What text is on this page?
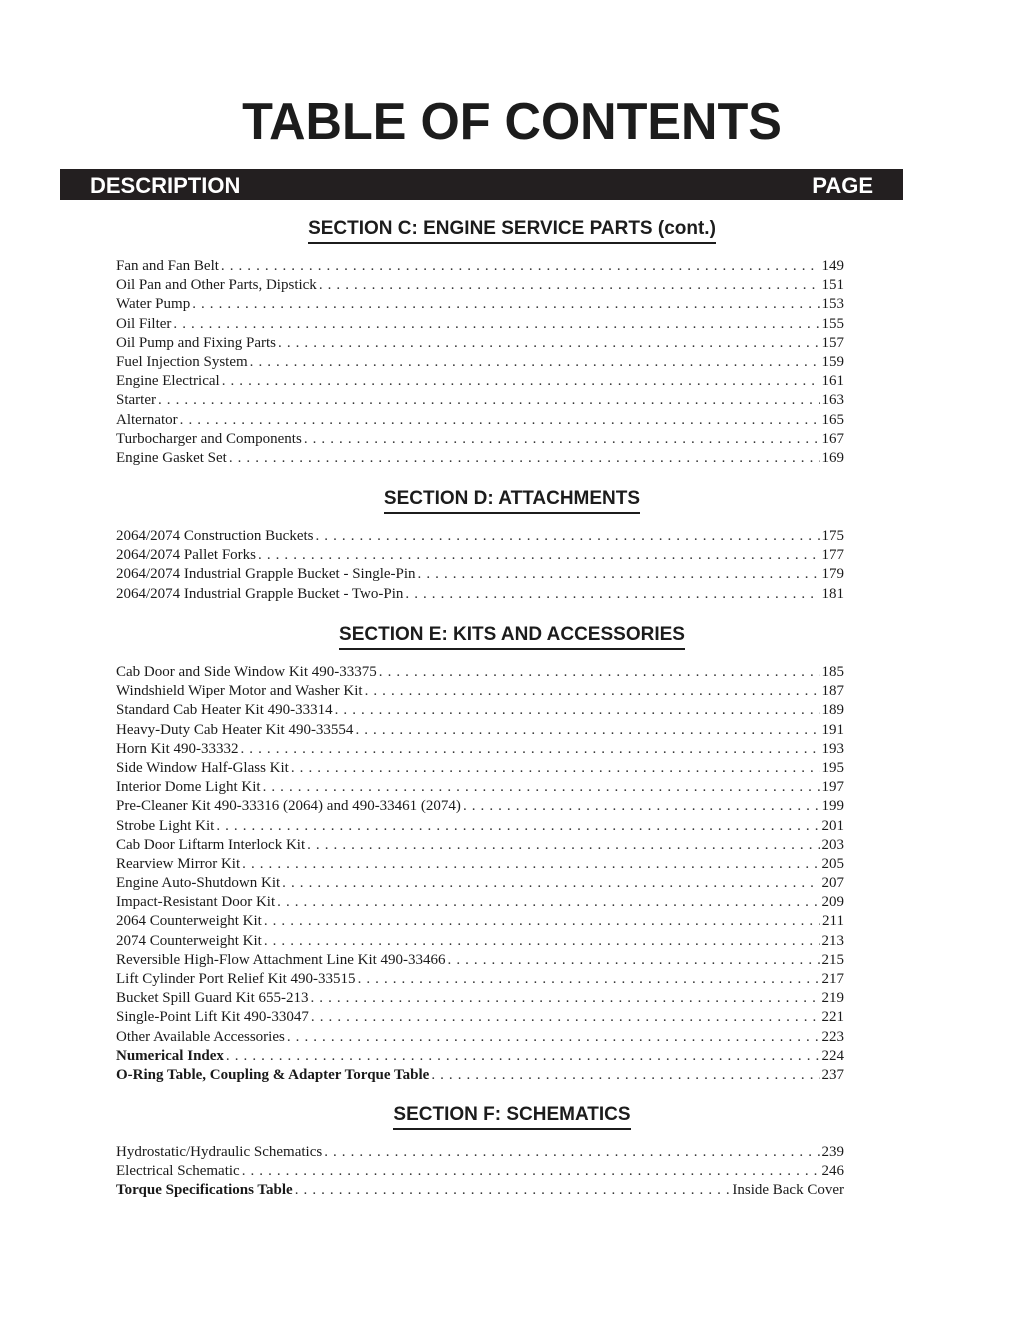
TABLE OF CONTENTS
DESCRIPTION	PAGE
SECTION C: ENGINE SERVICE PARTS (cont.)
Fan and Fan Belt . . .	149
Oil Pan and Other Parts, Dipstick . . .	151
Water Pump . . .	153
Oil Filter . . .	155
Oil Pump and Fixing Parts . . .	157
Fuel Injection System . . .	159
Engine Electrical . . .	161
Starter . . .	163
Alternator . . .	165
Turbocharger and Components . . .	167
Engine Gasket Set . . .	169
SECTION D: ATTACHMENTS
2064/2074 Construction Buckets . . .	175
2064/2074 Pallet Forks . . .	177
2064/2074 Industrial Grapple Bucket - Single-Pin . . .	179
2064/2074 Industrial Grapple Bucket - Two-Pin . . .	181
SECTION E: KITS AND ACCESSORIES
Cab Door and Side Window Kit 490-33375 . . .	185
Windshield Wiper Motor and Washer Kit . . .	187
Standard Cab Heater Kit 490-33314 . . .	189
Heavy-Duty Cab Heater Kit 490-33554 . . .	191
Horn Kit 490-33332 . . .	193
Side Window Half-Glass Kit . . .	195
Interior Dome Light Kit . . .	197
Pre-Cleaner Kit 490-33316 (2064) and 490-33461 (2074) . . .	199
Strobe Light Kit . . .	201
Cab Door Liftarm Interlock Kit . . .	203
Rearview Mirror Kit . . .	205
Engine Auto-Shutdown Kit . . .	207
Impact-Resistant Door Kit . . .	209
2064 Counterweight Kit . . .	211
2074 Counterweight Kit . . .	213
Reversible High-Flow Attachment Line Kit 490-33466 . . .	215
Lift Cylinder Port Relief Kit 490-33515 . . .	217
Bucket Spill Guard Kit 655-213 . . .	219
Single-Point Lift Kit 490-33047 . . .	221
Other Available Accessories . . .	223
Numerical Index . . .	224
O-Ring Table, Coupling & Adapter Torque Table . . .	237
SECTION F: SCHEMATICS
Hydrostatic/Hydraulic Schematics . . .	239
Electrical Schematic . . .	246
Torque Specifications Table . . .	Inside Back Cover
